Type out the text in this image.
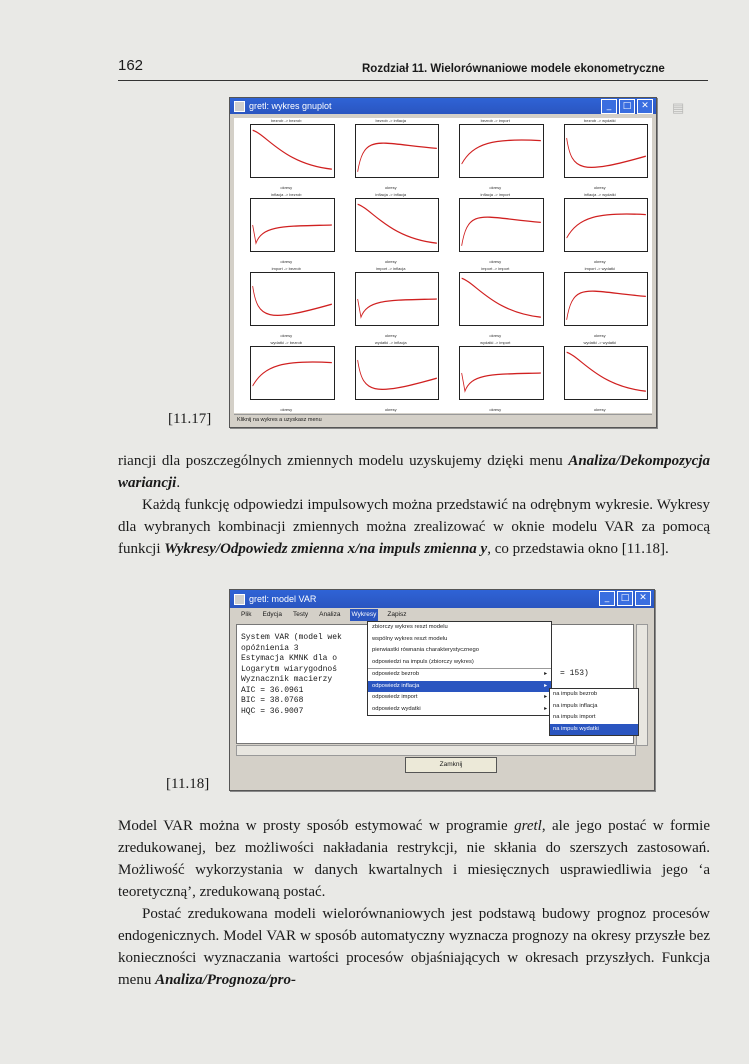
162	Rozdział 11. Wielorównaniowe modele ekonometryczne
▤
[11.17]
gretl: wykres gnuplot	_	□	✕
bezrob -> bezrob
okresy
bezrob -> inflacja
okresy
bezrob -> import
okresy
bezrob -> wydatki
okresy
inflacja -> bezrob
okresy
inflacja -> inflacja
okresy
inflacja -> import
okresy
inflacja -> wydatki
okresy
import -> bezrob
okresy
import -> inflacja
okresy
import -> import
okresy
import -> wydatki
okresy
wydatki -> bezrob
okresy
wydatki -> inflacja
okresy
wydatki -> import
okresy
wydatki -> wydatki
okresy
Kliknij na wykres a uzyskasz menu

riancji dla poszczególnych zmiennych modelu uzyskujemy dzięki menu Analiza/Dekompozycja wariancji.

Każdą funkcję odpowiedzi impulsowych można przedstawić na odrębnym wykresie. Wykresy dla wybranych kombinacji zmiennych można zrealizować w oknie modelu VAR za pomocą funkcji Wykresy/Odpowiedz zmienna x/na impuls zmienna y, co przedstawia okno [11.18].

[11.18]
gretl: model VAR	_	□	✕
Plik	Edycja	Testy	Analiza	Wykresy	Zapisz
System VAR (model wek
opóźnienia 3
Estymacja KMNK dla o
Logarytm wiarygodnoś
Wyznacznik macierzy
AIC = 36.0961
BIC = 38.0768
HQC = 36.9007
= 153)
zbiorczy wykres reszt modelu
wspólny wykres reszt modelu
pierwiastki równania charakterystycznego
odpowiedzi na impuls (zbiorczy wykres)
odpowiedz bezrob	▸
odpowiedz inflacja	▸
odpowiedz import	▸
odpowiedz wydatki	▸
na impuls bezrob
na impuls inflacja
na impuls import
na impuls wydatki
Zamknij

Model VAR można w prosty sposób estymować w programie gretl, ale jego postać w formie zredukowanej, bez możliwości nakładania restrykcji, nie skłania do szerszych zastosowań. Możliwość wykorzystania w danych kwartalnych i miesięcznych usprawiedliwia jego ‘a teoretyczną’, zredukowaną postać.

Postać zredukowana modeli wielorównaniowych jest podstawą budowy prognoz procesów endogenicznych. Model VAR w sposób automatyczny wyznacza prognozy na okresy przyszłe bez konieczności wyznaczania wartości procesów objaśniających w okresach przyszłych. Funkcja menu Analiza/Prognoza/pro-
